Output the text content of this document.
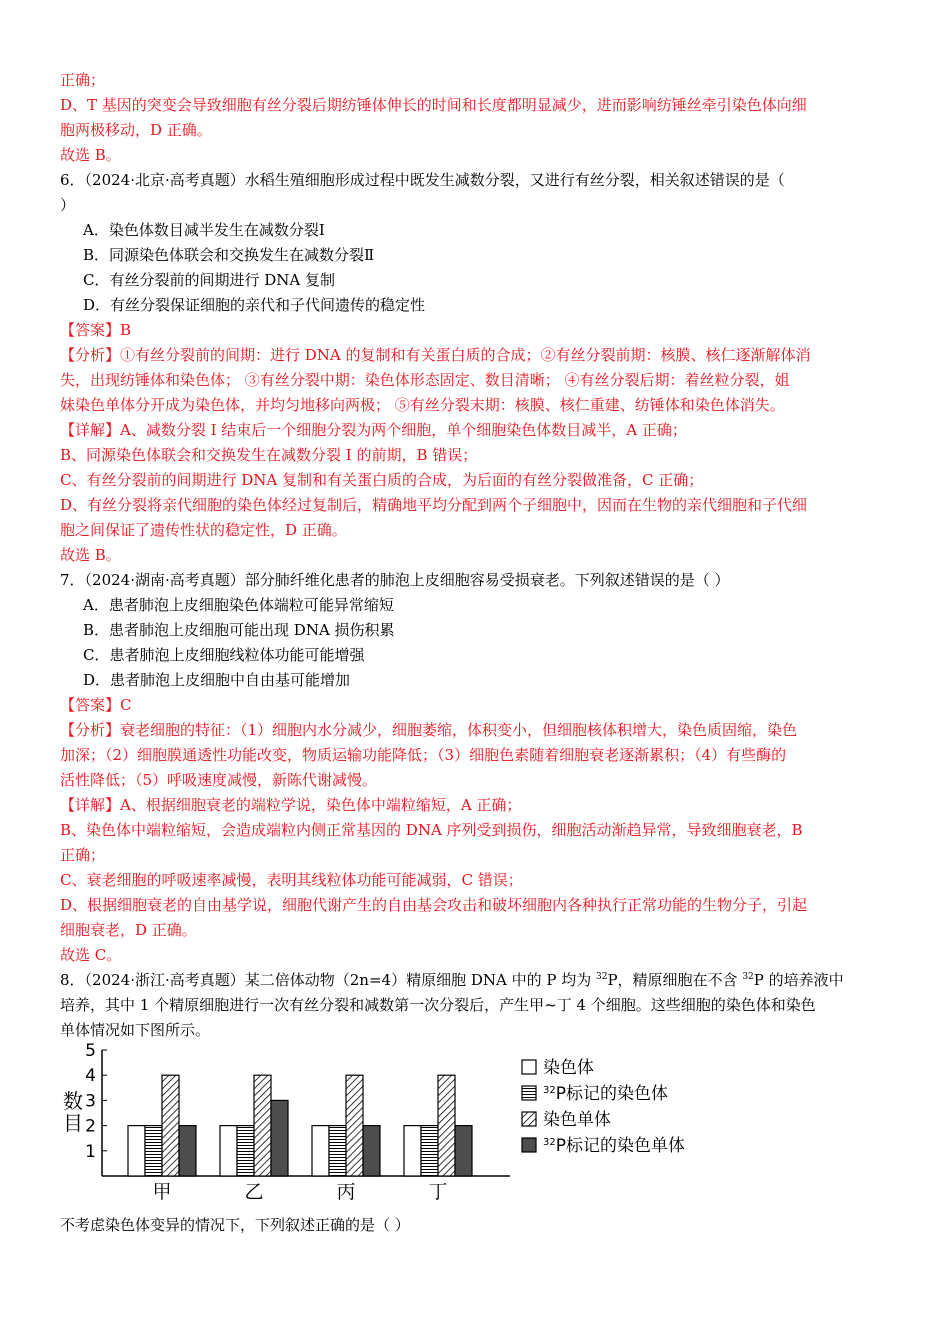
正确；
D、T 基因的突变会导致细胞有丝分裂后期纺锤体伸长的时间和长度都明显减少，进而影响纺锤丝牵引染色体向细
胞两极移动，D 正确。
故选 B。
6．（2024·北京·高考真题）水稻生殖细胞形成过程中既发生减数分裂，又进行有丝分裂，相关叙述错误的是（
）
A．染色体数目减半发生在减数分裂Ⅰ
B．同源染色体联会和交换发生在减数分裂Ⅱ
C．有丝分裂前的间期进行 DNA 复制
D．有丝分裂保证细胞的亲代和子代间遗传的稳定性
【答案】B
【分析】①有丝分裂前的间期：进行 DNA 的复制和有关蛋白质的合成；②有丝分裂前期：核膜、核仁逐渐解体消
失，出现纺锤体和染色体； ③有丝分裂中期：染色体形态固定、数目清晰； ④有丝分裂后期：着丝粒分裂，姐
妹染色单体分开成为染色体，并均匀地移向两极； ⑤有丝分裂末期：核膜、核仁重建、纺锤体和染色体消失。
【详解】A、减数分裂 I 结束后一个细胞分裂为两个细胞，单个细胞染色体数目减半，A 正确；
B、同源染色体联会和交换发生在减数分裂 I 的前期，B 错误；
C、有丝分裂前的间期进行 DNA 复制和有关蛋白质的合成，为后面的有丝分裂做准备，C 正确；
D、有丝分裂将亲代细胞的染色体经过复制后，精确地平均分配到两个子细胞中，因而在生物的亲代细胞和子代细
胞之间保证了遗传性状的稳定性，D 正确。
故选 B。
7．（2024·湖南·高考真题）部分肺纤维化患者的肺泡上皮细胞容易受损衰老。下列叙述错误的是（ ）
A．患者肺泡上皮细胞染色体端粒可能异常缩短
B．患者肺泡上皮细胞可能出现 DNA 损伤积累
C．患者肺泡上皮细胞线粒体功能可能增强
D．患者肺泡上皮细胞中自由基可能增加
【答案】C
【分析】衰老细胞的特征：（1）细胞内水分减少，细胞萎缩，体积变小，但细胞核体积增大，染色质固缩，染色
加深；（2）细胞膜通透性功能改变，物质运输功能降低；（3）细胞色素随着细胞衰老逐渐累积；（4）有些酶的
活性降低；（5）呼吸速度减慢，新陈代谢减慢。
【详解】A、根据细胞衰老的端粒学说，染色体中端粒缩短，A 正确；
B、染色体中端粒缩短，会造成端粒内侧正常基因的 DNA 序列受到损伤，细胞活动渐趋异常，导致细胞衰老，B
正确；
C、衰老细胞的呼吸速率减慢，表明其线粒体功能可能减弱，C 错误；
D、根据细胞衰老的自由基学说，细胞代谢产生的自由基会攻击和破坏细胞内各种执行正常功能的生物分子，引起
细胞衰老，D 正确。
故选 C。
8．（2024·浙江·高考真题）某二倍体动物（2n=4）精原细胞 DNA 中的 P 均为 $^{32}$P，精原细胞在不含 $^{32}$P 的培养液中
培养，其中 1 个精原细胞进行一次有丝分裂和减数第一次分裂后，产生甲~丁 4 个细胞。这些细胞的染色体和染色
单体情况如下图所示。
1
2
3
4
5
数
目
甲	乙	丙	丁
染色体
$^{32}$P标记的染色体
染色单体
$^{32}$P标记的染色单体
不考虑染色体变异的情况下，下列叙述正确的是（ ）
